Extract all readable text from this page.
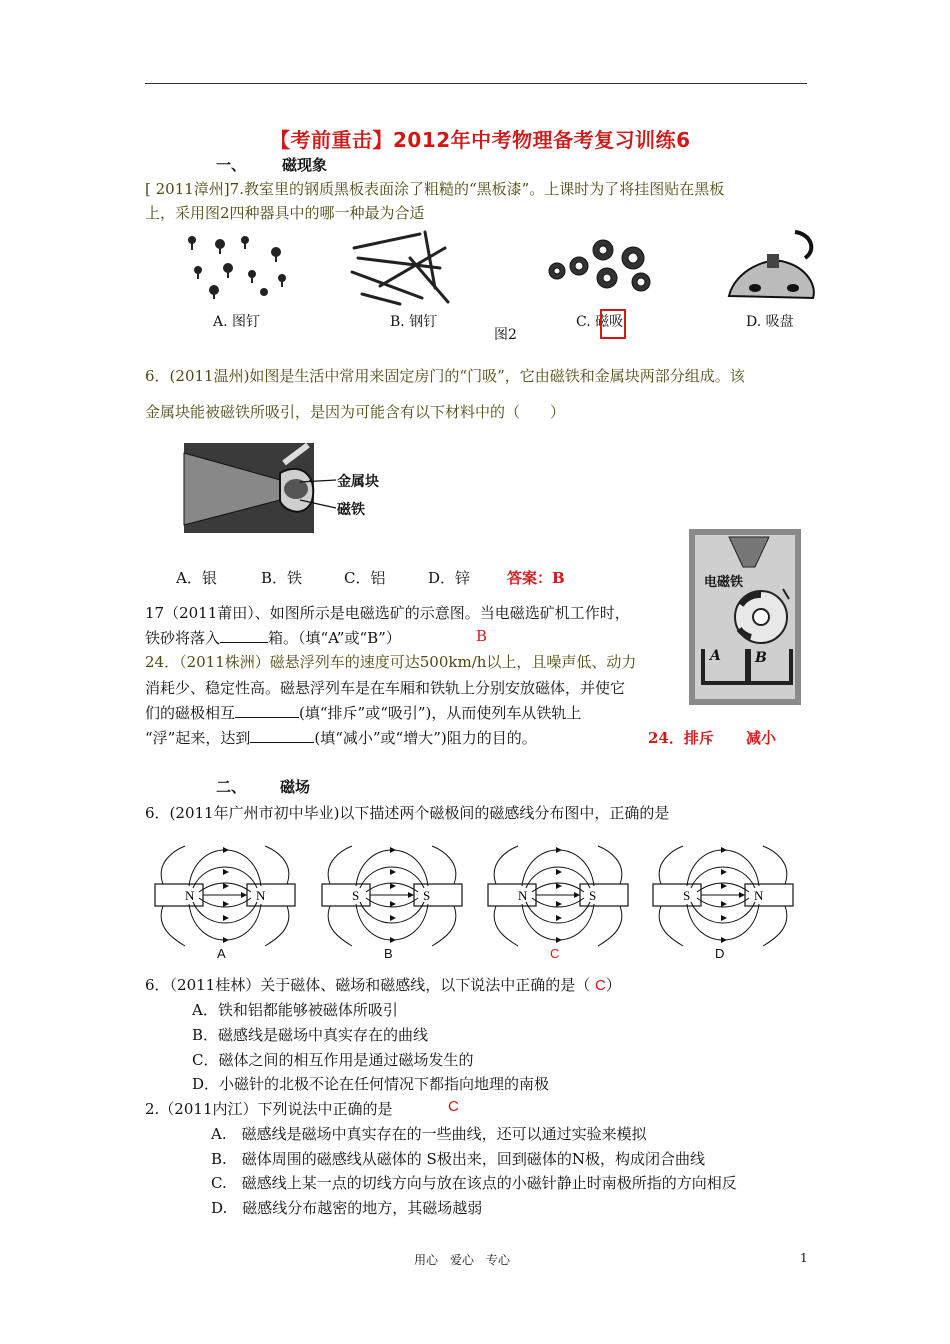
【考前重击】2012年中考物理备考复习训练6
一、 磁现象
[ 2011漳州]7.教室里的钢质黑板表面涂了粗糙的“黑板漆”。上课时为了将挂图贴在黑板
上，采用图2四种器具中的哪一种最为合适
A. 图钉	B. 钢钉
图2
C. 磁吸	D. 吸盘
6．(2011温州)如图是生活中常用来固定房门的“门吸”，它由磁铁和金属块两部分组成。该
金属块能被磁铁所吸引，是因为可能含有以下材料中的（　　）
金属块
磁铁
A．银	B．铁	C．铝	D．锌 答案：B	电磁铁
A B
17（2011莆田）、如图所示是电磁选矿的示意图。当电磁选矿机工作时，
铁砂将落入	箱。（填“A”或“B”）	B
24．（2011株洲）磁悬浮列车的速度可达500km/h以上，且噪声低、动力
消耗少、稳定性高。磁悬浮列车是在车厢和铁轨上分别安放磁体，并使它
们的磁极相互	(填“排斥”或“吸引”)，从而使列车从铁轨上
“浮”起来，达到	(填“减小”或“增大”)阻力的目的。	24．排斥 减小
二、 磁场
6．(2011年广州市初中毕业)以下描述两个磁极间的磁感线分布图中，正确的是
N	N
A
S	S
B
N	S
C
S	N
D
6．（2011桂林）关于磁体、磁场和磁感线，以下说法中正确的是（ C）
A．铁和铝都能够被磁体所吸引
B．磁感线是磁场中真实存在的曲线
C．磁体之间的相互作用是通过磁场发生的
D．小磁针的北极不论在任何情况下都指向地理的南极
2.（2011内江）下列说法中正确的是	C
A.　磁感线是磁场中真实存在的一些曲线，还可以通过实验来模拟
B.　磁体周围的磁感线从磁体的 S极出来，回到磁体的N极，构成闭合曲线
C.　磁感线上某一点的切线方向与放在该点的小磁针静止时南极所指的方向相反
D.　磁感线分布越密的地方，其磁场越弱
用心　爱心　专心	1
